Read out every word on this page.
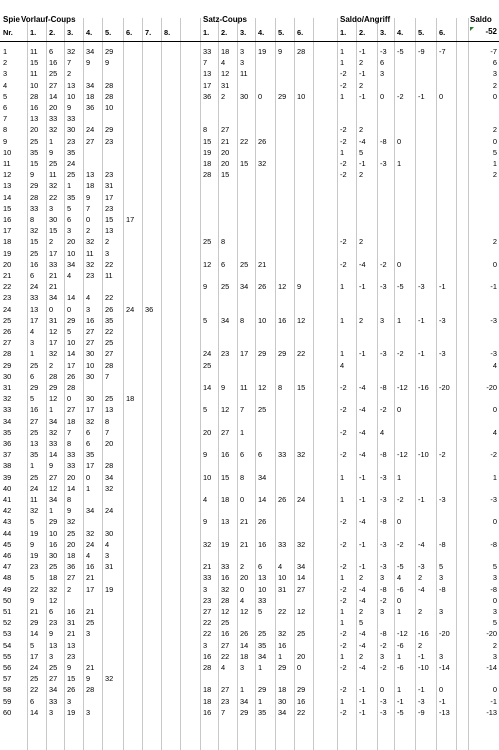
Spie Vorlauf-Coups	Satz-Coups	Saldo/Angriff	Saldo
Nr. 1. 2. 3. 4. 5. 6. 7. 8.	1. 2. 3. 4. 5. 6.	1. 2. 3. 4. 5. 6.	-52
1	11 6 32 34 29	33 18 3 19 9 28	1 -1 -3 -5 -9 -7	-7
2	15 16 7 9 9	7 4 3	1 2 6	6
3	11 25 2	13 12 11	-2 -1 3	3
4	10 27 13 34 28	17 31	-2 2	2
5	28 14 10 18 28	36 2 30 0 29 10	1 -1 0 -2 -1 0	0
6	16 20 9 36 10
7	13 33 33
8	20 32 30 24 29	8 27	-2 2	2
9	25 1 23 27 23	15 21 22 26	-2 -4 -8 0	0
10	35 9 35	19 20	1 5	5
11	15 25 24	18 20 15 32	-2 -1 -3 1	1
12	9 11 25 13 23	28 15	-2 2	2
13	29 32 1 18 31
14	28 22 35 9 17
15	33 3 5 7 23
16	8 30 6 0 15 17
17	32 15 3 2 13
18	15 2 20 32 2	25 8	-2 2	2
19	25 17 10 11 3
20	16 33 34 32 22	12 6 25 21	-2 -4 -2 0	0
21	6 21 4 23 11
22	24 21	9 25 34 26 12 9	1 -1 -3 -5 -3 -1	-1
23	33 34 14 4 22
24	13 0 0 3 26 24 36
25	17 31 29 16 35	5 34 8 10 16 12	1 2 3 1 -1 -3	-3
26	4 12 5 27 22
27	3 17 10 27 25
28	1 32 14 30 27	24 23 17 29 29 22	1 -1 -3 -2 -1 -3	-3
29	25 2 17 10 28	25	4	4
30	6 28 26 30 7
31	29 29 28	14 9 11 12 8 15	-2 -4 -8 -12 -16 -20	-20
32	5 12 0 30 25 18
33	16 1 27 17 13	5 12 7 25	-2 -4 -2 0	0
34	27 34 18 32 8
35	25 32 7 6 7	20 27 1	-2 -4 4	4
36	13 33 8 6 20
37	35 14 33 35	9 16 6 6 33 32	-2 -4 -8 -12 -10 -2	-2
38	1 9 33 17 28
39	25 27 20 0 34	10 15 8 34	1 -1 -3 1	1
40	24 12 14 1 32
41	11 34 8	4 18 0 14 26 24	1 -1 -3 -2 -1 -3	-3
42	32 1 9 34 24
43	5 29 32	9 13 21 26	-2 -4 -8 0	0
44	19 10 25 32 30
45	9 16 20 24 4	32 19 21 16 33 32	-2 -1 -3 -2 -4 -8	-8
46	19 30 18 4 3
47	23 25 36 16 31	21 33 2 6 4 34	-2 -1 -3 -5 -3 5	5
48	5 18 27 21	33 16 20 13 10 14	1 2 3 4 2 3	3
49	22 32 2 17 19	3 32 0 10 31 27	-2 -4 -8 -6 -4 -8	-8
50	9 12	23 28 4 33	-2 -4 -2 0	0
51	21 6 16 21	27 12 12 5 22 12	1 2 3 1 2 3	3
52	29 23 31 25	22 25	1 5	5
53	14 9 21 3	22 16 26 25 32 25	-2 -4 -8 -12 -16 -20	-20
54	5 13 13	3 27 14 35 16	-2 -4 -2 -6 2	2
55	17 3 23	16 22 18 34 1 20	1 2 3 1 -1 3	3
56	24 25 9 21	28 4 3 1 29 0	-2 -4 -2 -6 -10 -14	-14
57	25 27 15 9 32
58	22 34 26 28	18 27 1 29 18 29	-2 -1 0 1 -1 0	0
59	6 33 3	18 23 34 1 30 16	1 -1 -3 -1 -3 -1	-1
60	14 3 19 3	16 7 29 35 34 22	-2 -1 -3 -5 -9 -13	-13
